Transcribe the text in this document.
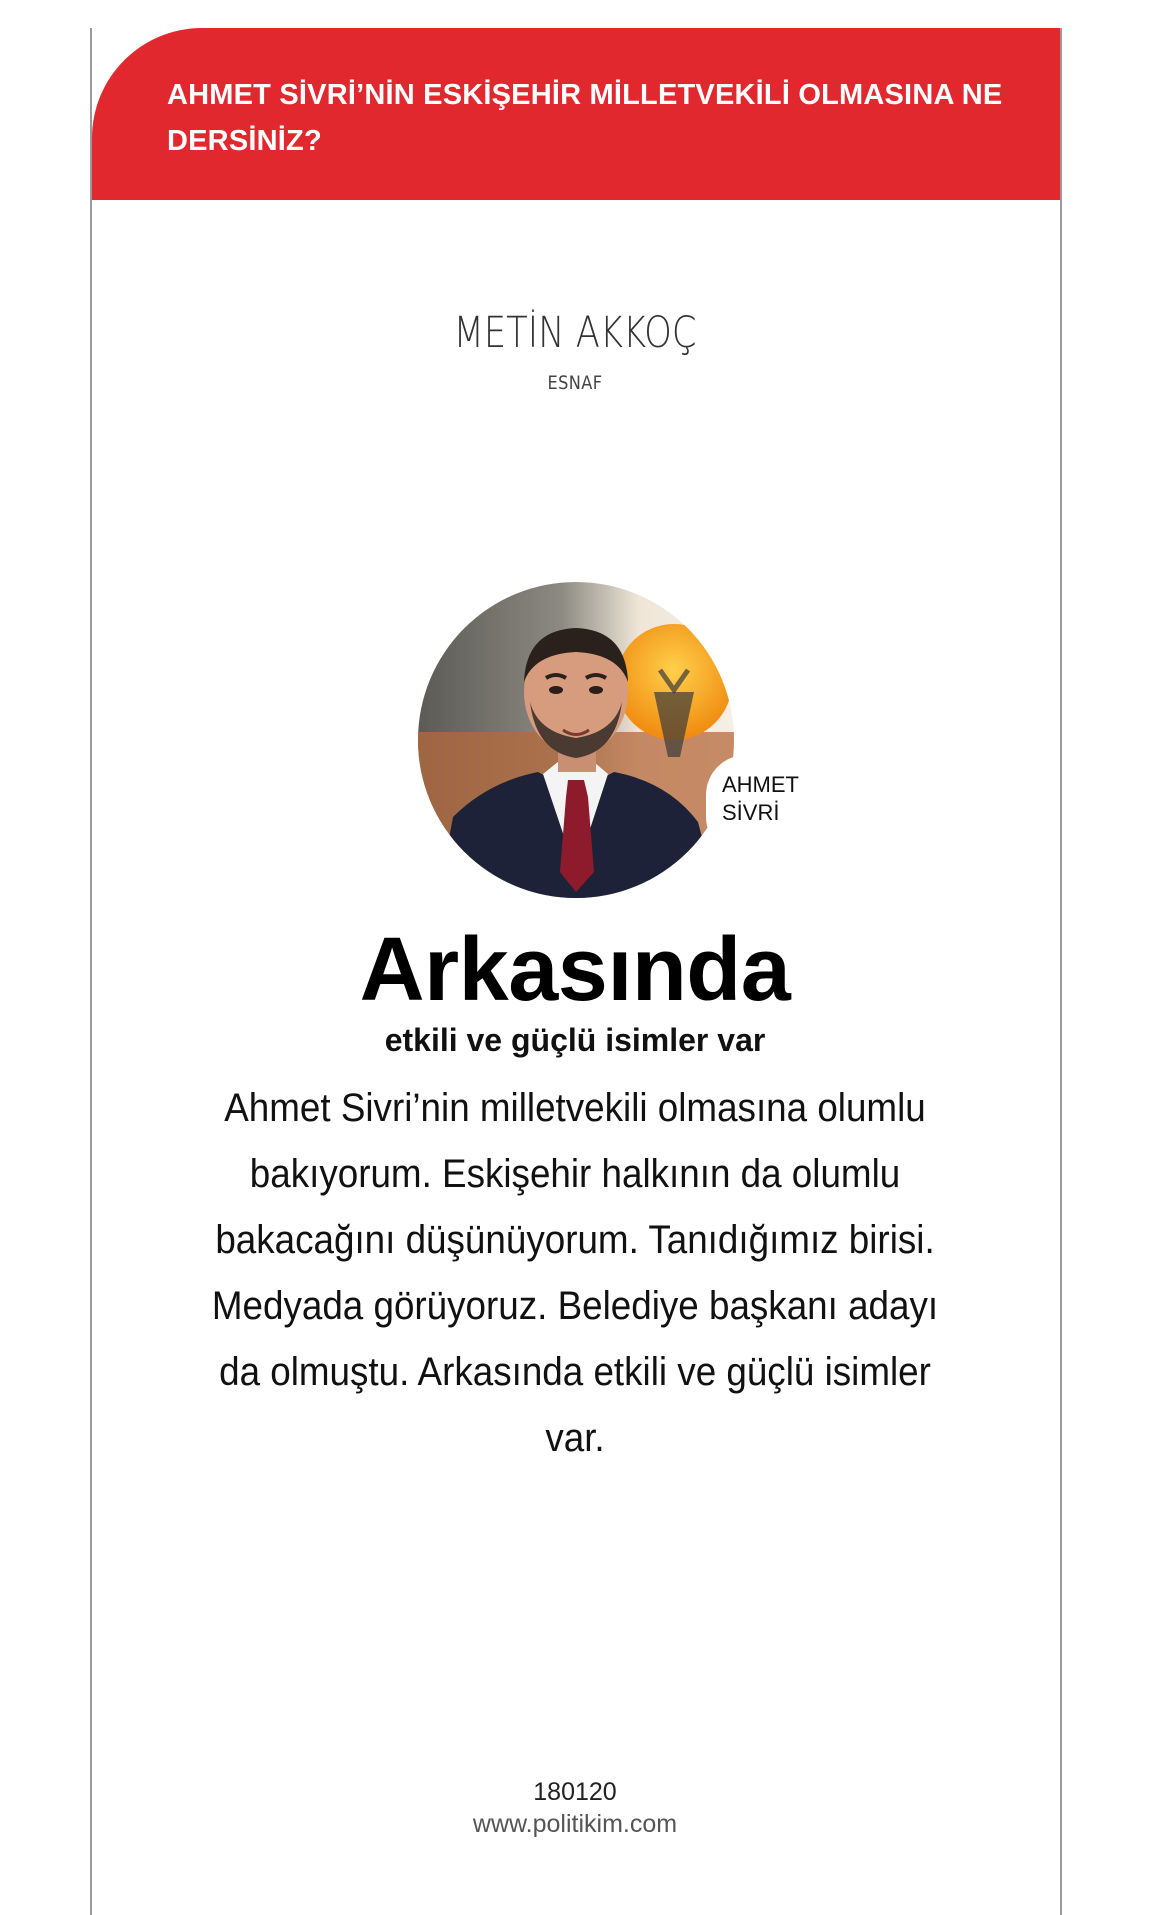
AHMET SİVRİ’NİN ESKİŞEHİR MİLLETVEKİLİ OLMASINA NE DERSİNİZ?
METİN AKKOÇ
ESNAF
AHMET
SİVRİ
Arkasında
etkili ve güçlü isimler var

Ahmet Sivri’nin milletvekili olmasına olumlu bakıyorum. Eskişehir halkının da olumlu bakacağını düşünüyorum. Tanıdığımız birisi. Medyada görüyoruz. Belediye başkanı adayı da olmuştu. Arkasında etkili ve güçlü isimler var.

180120
www.politikim.com
